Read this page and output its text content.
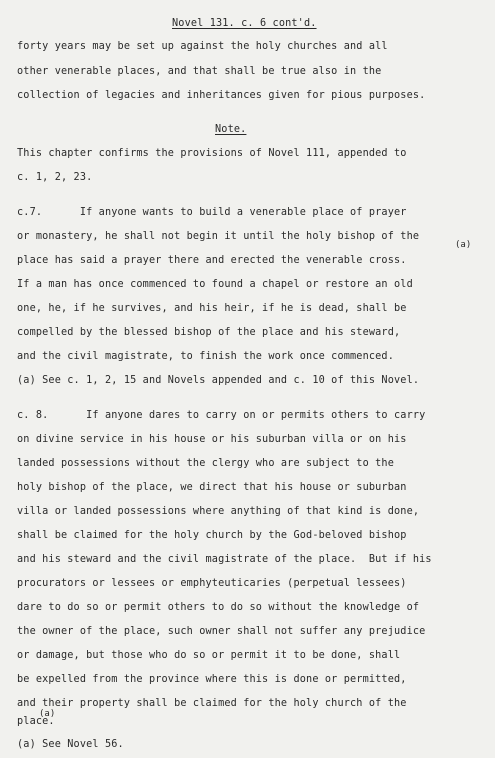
Novel 131. c. 6 cont'd.
forty years may be set up against the holy churches and all
other venerable places, and that shall be true also in the
collection of legacies and inheritances given for pious purposes.
Note.
This chapter confirms the provisions of Novel 111, appended to
c. 1, 2, 23.
c.7.      If anyone wants to build a venerable place of prayer
or monastery, he shall not begin it until the holy bishop of the
(a)
place has said a prayer there and erected the venerable cross.
If a man has once commenced to found a chapel or restore an old
one, he, if he survives, and his heir, if he is dead, shall be
compelled by the blessed bishop of the place and his steward,
and the civil magistrate, to finish the work once commenced.
(a) See c. 1, 2, 15 and Novels appended and c. 10 of this Novel.
c. 8.      If anyone dares to carry on or permits others to carry
on divine service in his house or his suburban villa or on his
landed possessions without the clergy who are subject to the
holy bishop of the place, we direct that his house or suburban
villa or landed possessions where anything of that kind is done,
shall be claimed for the holy church by the God-beloved bishop
and his steward and the civil magistrate of the place.  But if his
procurators or lessees or emphyteuticaries (perpetual lessees)
dare to do so or permit others to do so without the knowledge of
the owner of the place, such owner shall not suffer any prejudice
or damage, but those who do so or permit it to be done, shall
be expelled from the province where this is done or permitted,
and their property shall be claimed for the holy church of the
(a)
place.
(a) See Novel 56.
